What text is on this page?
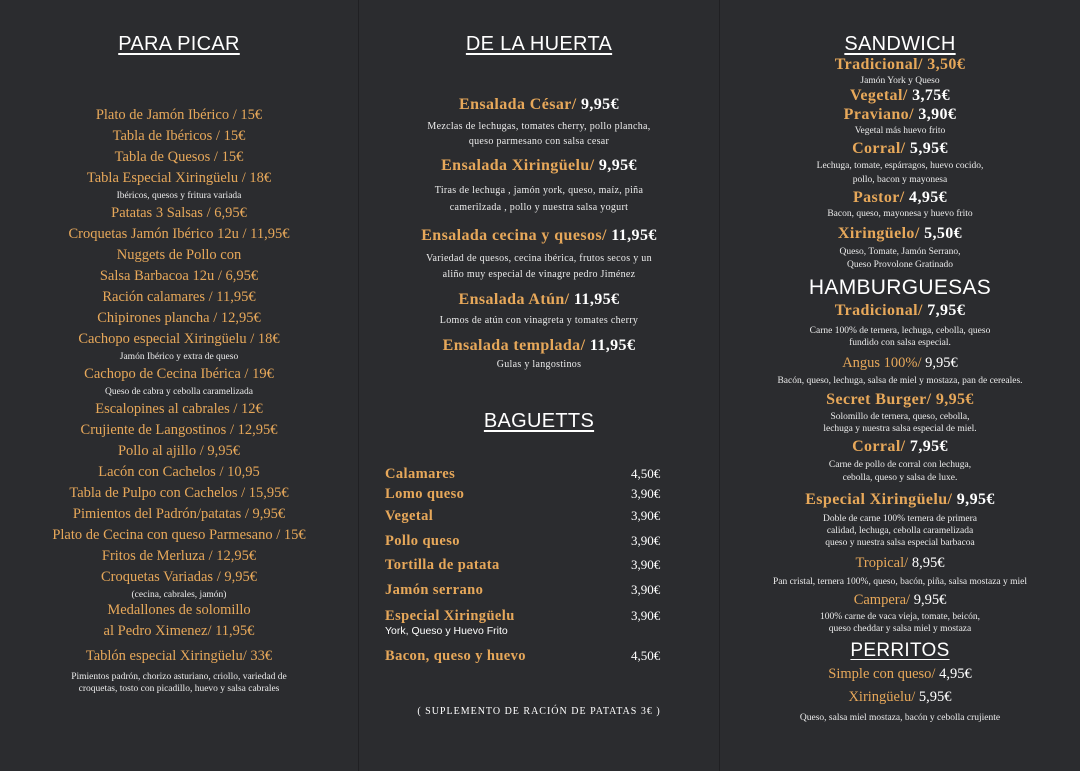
PARA PICAR
Plato de Jamón Ibérico / 15€
Tabla de Ibéricos / 15€
Tabla de Quesos / 15€
Tabla Especial Xiringüelu / 18€
Ibéricos, quesos y fritura variada
Patatas 3 Salsas / 6,95€
Croquetas Jamón Ibérico 12u / 11,95€
Nuggets de Pollo con
Salsa Barbacoa 12u / 6,95€
Ración calamares / 11,95€
Chipirones plancha / 12,95€
Cachopo especial Xiringüelu / 18€
Jamón Ibérico y extra de queso
Cachopo de Cecina Ibérica / 19€
Queso de cabra y cebolla caramelizada
Escalopines al cabrales / 12€
Crujiente de Langostinos / 12,95€
Pollo al ajillo / 9,95€
Lacón con Cachelos / 10,95
Tabla de Pulpo con Cachelos / 15,95€
Pimientos del Padrón/patatas / 9,95€
Plato de Cecina con queso Parmesano / 15€
Fritos de Merluza / 12,95€
Croquetas Variadas / 9,95€
(cecina, cabrales, jamón)
Medallones de solomillo
al Pedro Ximenez/ 11,95€
Tablón especial Xiringüelu/ 33€
Pimientos padrón, chorizo asturiano, criollo, variedad de
croquetas, tosto con picadillo, huevo y salsa cabrales
DE LA HUERTA
Ensalada César/ 9,95€
Mezclas de lechugas, tomates cherry, pollo plancha,
queso parmesano con salsa cesar
Ensalada Xiringüelu/ 9,95€
Tiras de lechuga , jamón york, queso, maíz, piña
camerilzada , pollo y nuestra salsa yogurt
Ensalada cecina y quesos/ 11,95€
Variedad de quesos, cecina ibérica, frutos secos y un
aliño muy especial de vinagre pedro Jiménez
Ensalada Atún/ 11,95€
Lomos de atún con vinagreta y tomates cherry
Ensalada templada/ 11,95€
Gulas y langostinos
BAGUETTS
Calamares	4,50€
Lomo queso	3,90€
Vegetal	3,90€
Pollo queso	3,90€
Tortilla de patata	3,90€
Jamón serrano	3,90€
Especial Xiringüelu	3,90€
York, Queso y Huevo Frito
Bacon, queso y huevo	4,50€
( SUPLEMENTO DE RACIÓN DE PATATAS 3€ )
SANDWICH
Tradicional/ 3,50€
Jamón York y Queso
Vegetal/ 3,75€
Praviano/ 3,90€
Vegetal más huevo frito
Corral/ 5,95€
Lechuga, tomate, espárragos, huevo cocido,
pollo, bacon y mayonesa
Pastor/ 4,95€
Bacon, queso, mayonesa y huevo frito
Xiringüelo/ 5,50€
Queso, Tomate, Jamón Serrano,
Queso Provolone Gratinado
HAMBURGUESAS
Tradicional/ 7,95€
Carne 100% de ternera, lechuga, cebolla, queso
fundido con salsa especial.
Angus 100%/ 9,95€
Bacón, queso, lechuga, salsa de miel y mostaza, pan de cereales.
Secret Burger/ 9,95€
Solomillo de ternera, queso, cebolla,
lechuga y nuestra salsa especial de miel.
Corral/ 7,95€
Carne de pollo de corral con lechuga,
cebolla, queso y salsa de luxe.
Especial Xiringüelu/ 9,95€
Doble de carne 100% ternera de primera
calidad, lechuga, cebolla caramelizada
queso y nuestra salsa especial barbacoa
Tropical/ 8,95€
Pan cristal, ternera 100%, queso, bacón, piña, salsa mostaza y miel
Campera/ 9,95€
100% carne de vaca vieja, tomate, beicón,
queso cheddar y salsa miel y mostaza
PERRITOS
Simple con queso/ 4,95€
Xiringüelu/ 5,95€
Queso, salsa miel mostaza, bacón y cebolla crujiente
